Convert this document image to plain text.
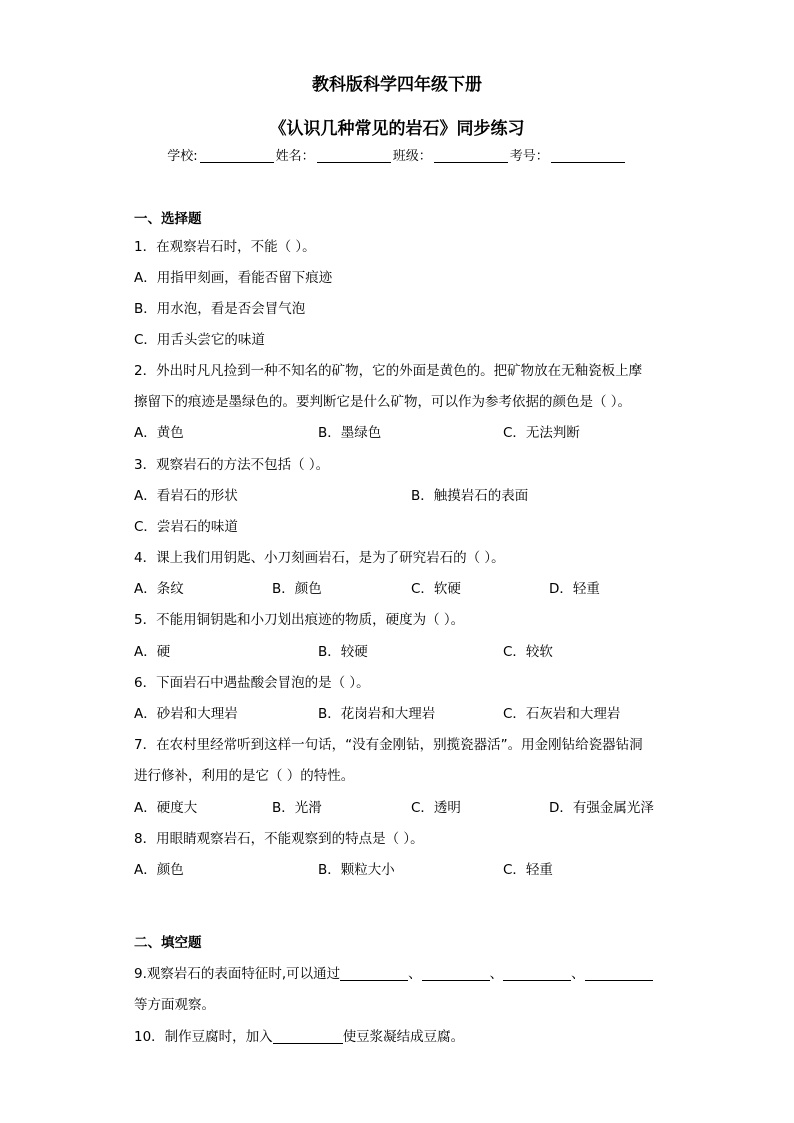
教科版科学四年级下册
《认识几种常见的岩石》同步练习
学校:	姓名：	班级：	考号：
一、选择题
1．在观察岩石时，不能（ ）。
A．用指甲刻画，看能否留下痕迹
B．用水泡，看是否会冒气泡
C．用舌头尝它的味道
2．外出时凡凡捡到一种不知名的矿物，它的外面是黄色的。把矿物放在无釉瓷板上摩
擦留下的痕迹是墨绿色的。要判断它是什么矿物，可以作为参考依据的颜色是（ ）。
A．黄色	B．墨绿色	C．无法判断
3．观察岩石的方法不包括（ ）。
A．看岩石的形状	B．触摸岩石的表面
C．尝岩石的味道
4．课上我们用钥匙、小刀刻画岩石，是为了研究岩石的（ ）。
A．条纹	B．颜色	C．软硬	D．轻重
5．不能用铜钥匙和小刀划出痕迹的物质，硬度为（ ）。
A．硬	B．较硬	C．较软
6．下面岩石中遇盐酸会冒泡的是（ ）。
A．砂岩和大理岩	B．花岗岩和大理岩	C．石灰岩和大理岩
7．在农村里经常听到这样一句话，“没有金刚钻，别揽瓷器活”。用金刚钻给瓷器钻洞
进行修补，利用的是它（ ）的特性。
A．硬度大	B．光滑	C．透明	D．有强金属光泽
8．用眼睛观察岩石，不能观察到的特点是（ ）。
A．颜色	B．颗粒大小	C．轻重
二、填空题
9.观察岩石的表面特征时,可以通过	、	、	、
等方面观察。
10．制作豆腐时，加入	使豆浆凝结成豆腐。
